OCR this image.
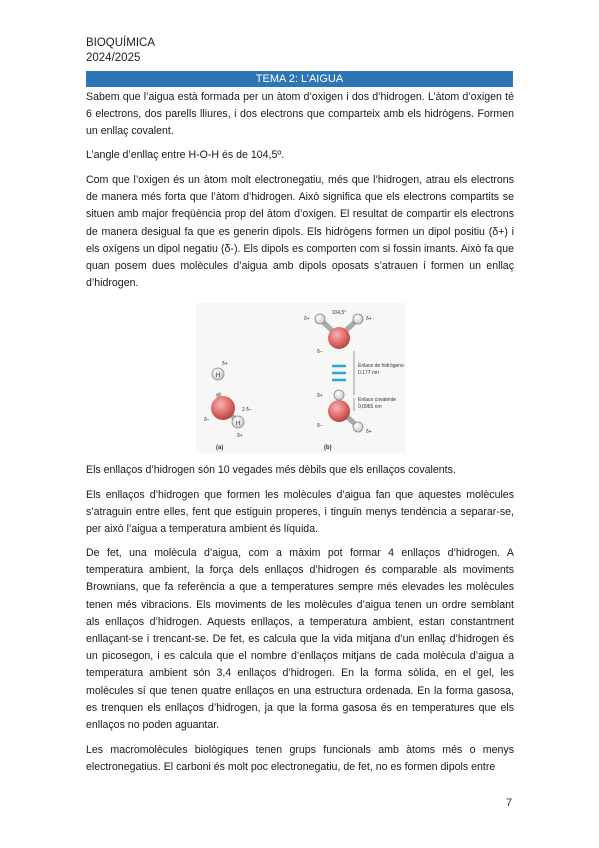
BIOQUÍMICA
2024/2025
TEMA 2: L’AIGUA

Sabem que l’aigua està formada per un àtom d’oxigen i dos d’hidrogen. L’àtom d’oxigen té 6 electrons, dos parells lliures, i dos electrons que comparteix amb els hidrògens. Formen un enllaç covalent.

L’angle d’enllaç entre H-O-H és de 104,5º.

Com que l’oxigen és un àtom molt electronegatiu, més que l’hidrogen, atrau els electrons de manera més forta que l’àtom d’hidrogen. Això significa que els electrons compartits se situen amb major freqüència prop del àtom d’oxigen. El resultat de compartir els electrons de manera desigual fa que es generin dipols. Els hidrògens formen un dipol positiu (δ+) i els oxígens un dipol negatiu (δ-). Els dipols es comporten com si fossin imants. Això fa que quan posem dues molècules d’aigua amb dipols oposats s’atrauen i formen un enllaç d’hidrogen.

H
H
δ+
δ+
2 δ–
δ–
(a)
104,5°
δ+	δ+
δ–
Enlace de hidrógeno
0,177 nm
Enlace covalente
0,0965 nm
δ+
δ–
δ+
(b)

Els enllaços d’hidrogen són 10 vegades més dèbils que els enllaços covalents.

Els enllaços d’hidrogen que formen les molècules d’aigua fan que aquestes molècules s’atraguin entre elles, fent que estiguin properes, i tinguin menys tendència a separar-se, per això l’aigua a temperatura ambient és líquida.

De fet, una molècula d’aigua, com a màxim pot formar 4 enllaços d’hidrogen. A temperatura ambient, la força dels enllaços d’hidrogen és comparable als moviments Brownians, que fa referència a que a temperatures sempre més elevades les molècules tenen més vibracions. Els moviments de les molècules d’aigua tenen un ordre semblant als enllaços d’hidrogen. Aquests enllaços, a temperatura ambient, estan constantment enllaçant-se i trencant-se. De fet, es calcula que la vida mitjana d’un enllaç d’hidrogen és un picosegon, i es calcula que el nombre d’enllaços mitjans de cada molècula d’aigua a temperatura ambient són 3,4 enllaços d’hidrogen. En la forma sòlida, en el gel, les molècules sí que tenen quatre enllaços en una estructura ordenada. En la forma gasosa, es trenquen els enllaços d’hidrogen, ja que la forma gasosa és en temperatures que els enllaços no poden aguantar.

Les macromolècules biològiques tenen grups funcionals amb àtoms més o menys electronegatius. El carboni és molt poc electronegatiu, de fet, no es formen dipols entre

7
